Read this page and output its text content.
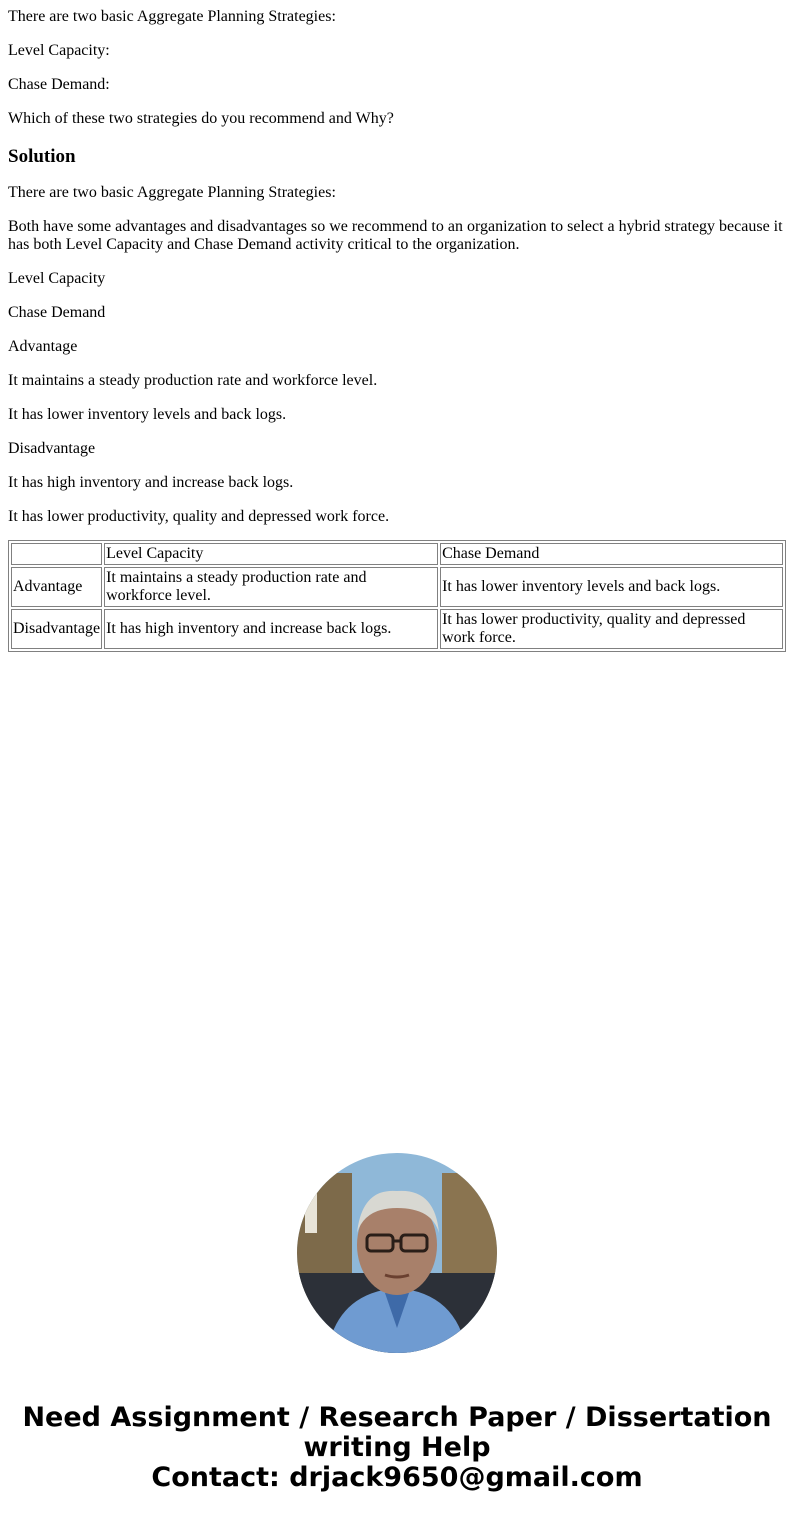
There are two basic Aggregate Planning Strategies:

Level Capacity:

Chase Demand:

Which of these two strategies do you recommend and Why?

Solution

There are two basic Aggregate Planning Strategies:

Both have some advantages and disadvantages so we recommend to an organization to select a hybrid strategy because it has both Level Capacity and Chase Demand activity critical to the organization.

Level Capacity

Chase Demand

Advantage

It maintains a steady production rate and workforce level.

It has lower inventory levels and back logs.

Disadvantage

It has high inventory and increase back logs.

It has lower productivity, quality and depressed work force.

	Level Capacity	Chase Demand
Advantage	It maintains a steady production rate and workforce level.	It has lower inventory levels and back logs.
Disadvantage	It has high inventory and increase back logs.	It has lower productivity, quality and depressed work force.
Need Assignment / Research Paper / Dissertation
writing Help
Contact: drjack9650@gmail.com
